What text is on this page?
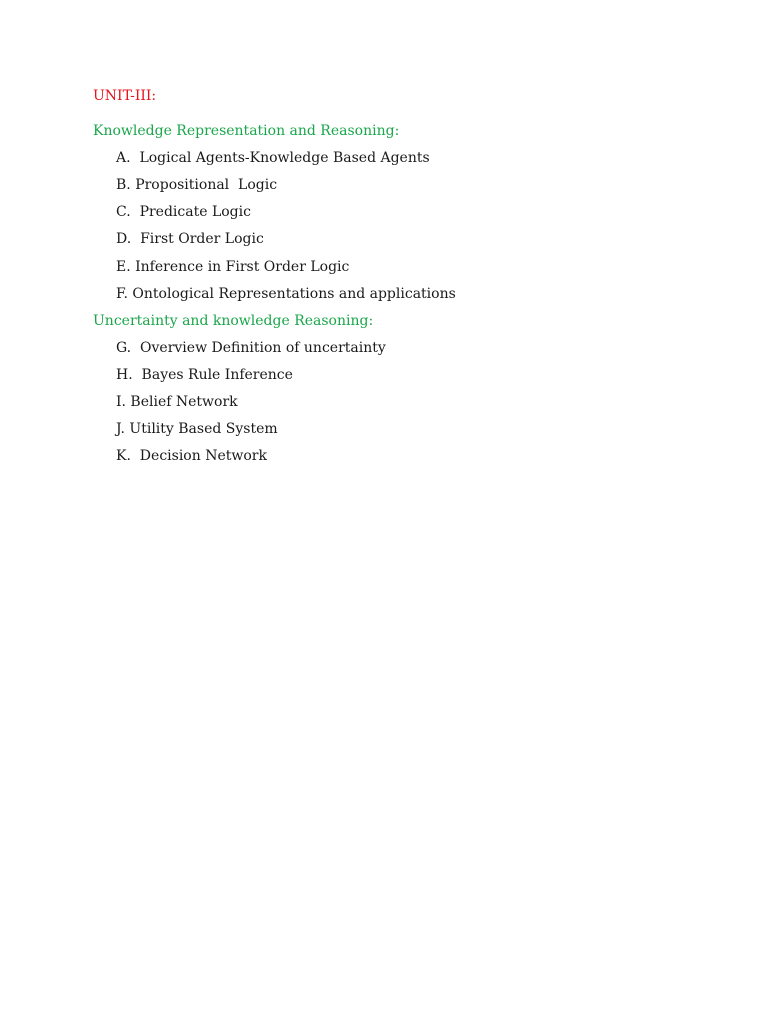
UNIT-III:
Knowledge Representation and Reasoning:
A.  Logical Agents-Knowledge Based Agents
B. Propositional  Logic
C.  Predicate Logic
D.  First Order Logic
E. Inference in First Order Logic
F. Ontological Representations and applications
Uncertainty and knowledge Reasoning:
G.  Overview Definition of uncertainty
H.  Bayes Rule Inference
I. Belief Network
J. Utility Based System
K.  Decision Network
